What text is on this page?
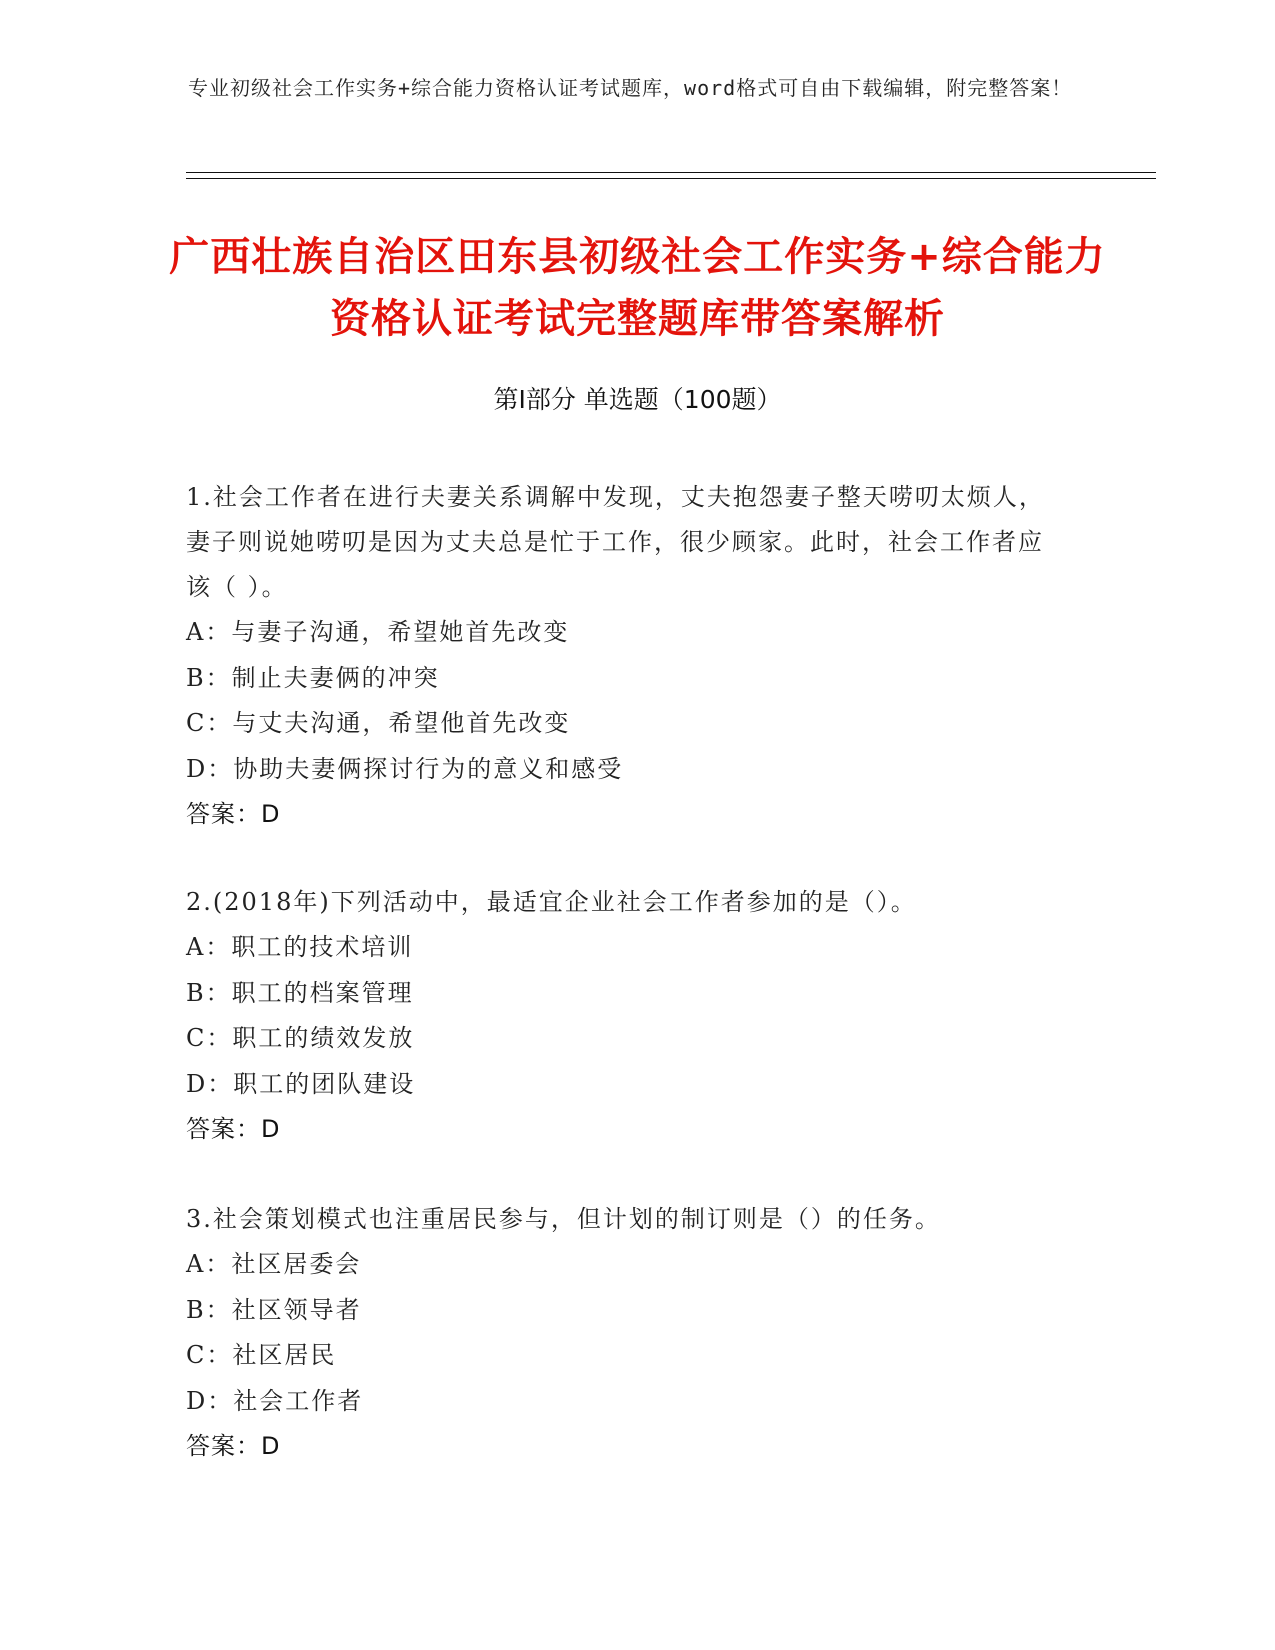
专业初级社会工作实务+综合能力资格认证考试题库，word格式可自由下载编辑，附完整答案！
广西壮族自治区田东县初级社会工作实务+综合能力资格认证考试完整题库带答案解析
第Ⅰ部分 单选题（100题）

1.社会工作者在进行夫妻关系调解中发现，丈夫抱怨妻子整天唠叨太烦人，妻子则说她唠叨是因为丈夫总是忙于工作，很少顾家。此时，社会工作者应该（ ）。

A：与妻子沟通，希望她首先改变

B：制止夫妻俩的冲突

C：与丈夫沟通，希望他首先改变

D：协助夫妻俩探讨行为的意义和感受

答案：D

2.(2018年)下列活动中，最适宜企业社会工作者参加的是（）。

A：职工的技术培训

B：职工的档案管理

C：职工的绩效发放

D：职工的团队建设

答案：D

3.社会策划模式也注重居民参与，但计划的制订则是（）的任务。

A：社区居委会

B：社区领导者

C：社区居民

D：社会工作者

答案：D
